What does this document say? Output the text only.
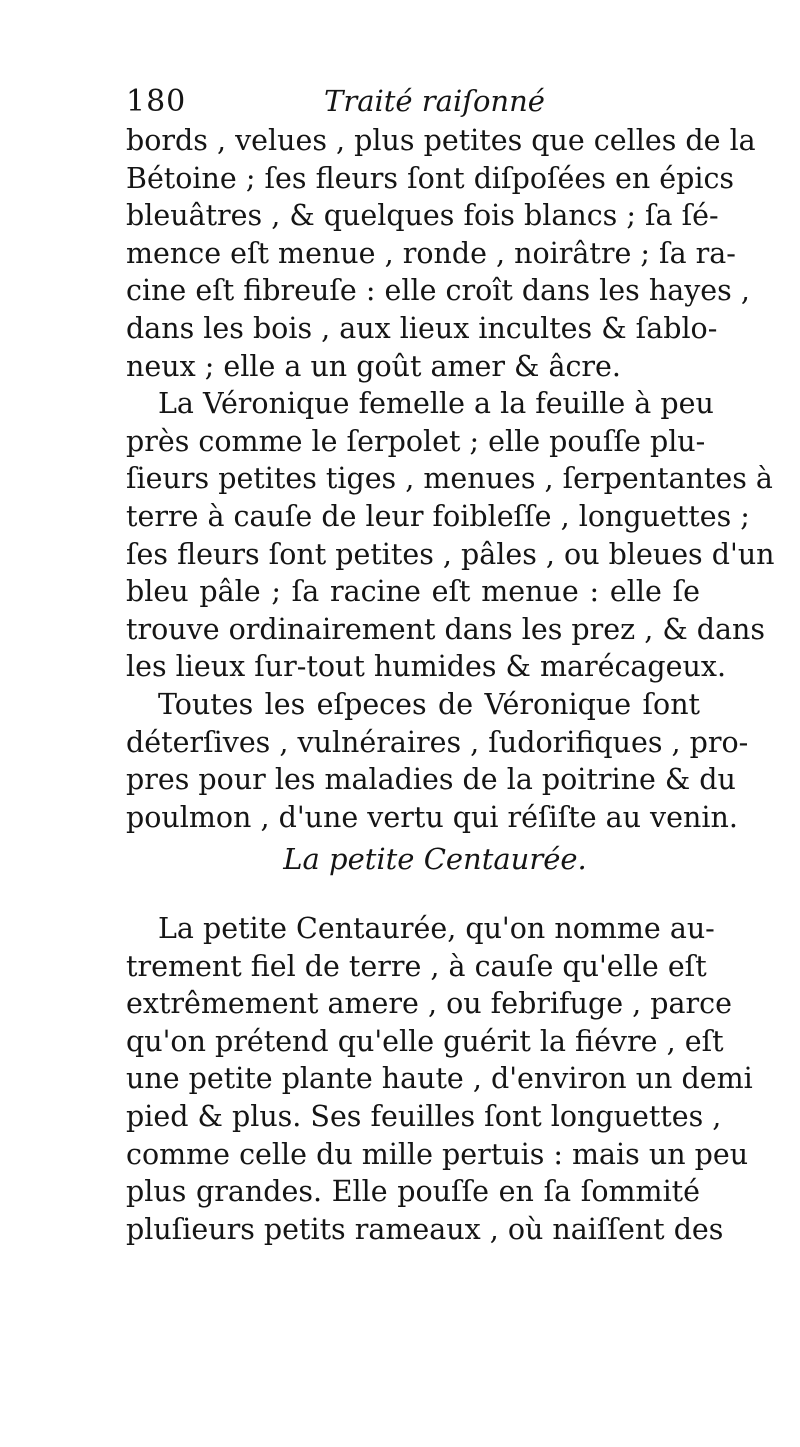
180	Traité raiſonné
bords , velues , plus petites que celles de la
Bétoine ; ſes fleurs ſont diſpoſées en épics
bleuâtres , & quelques fois blancs ; ſa ſé-
mence eſt menue , ronde , noirâtre ; ſa ra-
cine eſt fibreuſe : elle croît dans les hayes ,
dans les bois , aux lieux incultes & ſablo-
neux ; elle a un goût amer & âcre.
La Véronique femelle a la feuille à peu
près comme le ſerpolet ; elle pouſſe plu-
ſieurs petites tiges , menues , ſerpentantes à
terre à cauſe de leur foibleſſe , longuettes ;
ſes fleurs ſont petites , pâles , ou bleues d'un
bleu pâle ; ſa racine eſt menue : elle ſe
trouve ordinairement dans les prez , & dans
les lieux ſur-tout humides & marécageux.
Toutes les eſpeces de Véronique ſont
déterſives , vulnéraires , ſudorifiques , pro-
pres pour les maladies de la poitrine & du
poulmon , d'une vertu qui réſiſte au venin.
La petite Centaurée.
La petite Centaurée, qu'on nomme au-
trement fiel de terre , à cauſe qu'elle eſt
extrêmement amere , ou febrifuge , parce
qu'on prétend qu'elle guérit la fiévre , eſt
une petite plante haute , d'environ un demi
pied & plus. Ses feuilles ſont longuettes ,
comme celle du mille pertuis : mais un peu
plus grandes. Elle pouſſe en ſa ſommité
pluſieurs petits rameaux , où naiſſent des
